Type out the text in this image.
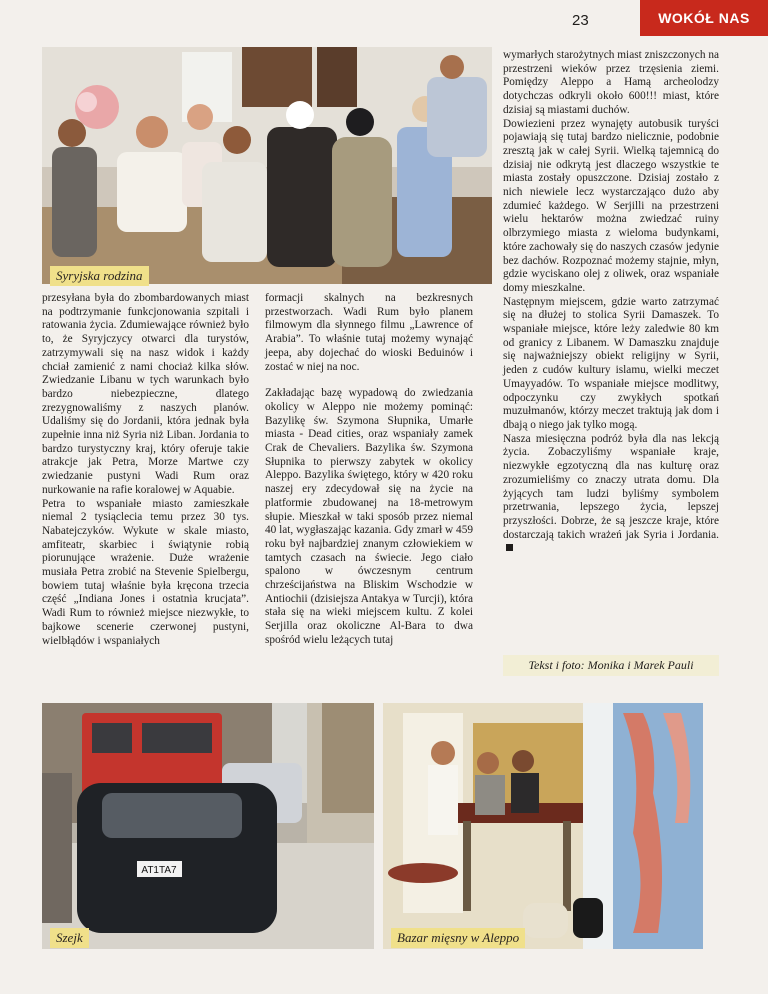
23	WOKÓŁ NAS
Syryjska rodzina

przesyłana była do zbombardowanych miast na podtrzymanie funkcjonowania szpitali i ratowania życia. Zdumiewające również było to, że Syryjczycy otwarci dla turystów, zatrzymywali się na nasz widok i każdy chciał zamienić z nami chociaż kilka słów. Zwiedzanie Libanu w tych warunkach było bardzo niebezpieczne, dlatego zrezygnowaliśmy z naszych planów. Udaliśmy się do Jordanii, która jednak była zupełnie inna niż Syria niż Liban. Jordania to bardzo turystyczny kraj, który oferuje takie atrakcje jak Petra, Morze Martwe czy zwiedzanie pustyni Wadi Rum oraz nurkowanie na rafie koralowej w Aquabie.

Petra to wspaniałe miasto zamieszkałe niemal 2 tysiąclecia temu przez 30 tys. Nabatejczyków. Wykute w skale miasto, amfiteatr, skarbiec i świątynie robią piorunujące wrażenie. Duże wrażenie musiała Petra zrobić na Stevenie Spielbergu, bowiem tutaj właśnie była kręcona trzecia część „Indiana Jones i ostatnia krucjata”. Wadi Rum to również miejsce niezwykłe, to bajkowe scenerie czerwonej pustyni, wielbłądów i wspaniałych

formacji skalnych na bezkresnych przestworzach. Wadi Rum było planem filmowym dla słynnego filmu „Lawrence of Arabia”. To właśnie tutaj możemy wynająć jeepa, aby dojechać do wioski Beduinów i zostać w niej na noc.

Zakładając bazę wypadową do zwiedzania okolicy w Aleppo nie możemy pominąć: Bazylikę św. Szymona Słupnika, Umarłe miasta - Dead cities, oraz wspaniały zamek Crak de Chevaliers. Bazylika św. Szymona Słupnika to pierwszy zabytek w okolicy Aleppo. Bazylika świętego, który w 420 roku naszej ery zdecydował się na życie na platformie zbudowanej na 18-metrowym słupie. Mieszkał w taki sposób przez niemal 40 lat, wygłaszając kazania. Gdy zmarł w 459 roku był najbardziej znanym człowiekiem w tamtych czasach na świecie. Jego ciało spalono w ówczesnym centrum chrześcijaństwa na Bliskim Wschodzie w Antiochii (dzisiejsza Antakya w Turcji), która stała się na wieki miejscem kultu. Z kolei Serjilla oraz okoliczne Al-Bara to dwa spośród wielu leżących tutaj

wymarłych starożytnych miast zniszczonych na przestrzeni wieków przez trzęsienia ziemi. Pomiędzy Aleppo a Hamą archeolodzy dotychczas odkryli około 600!!! miast, które dzisiaj są miastami duchów.

Dowiezieni przez wynajęty autobusik turyści pojawiają się tutaj bardzo nielicznie, podobnie zresztą jak w całej Syrii. Wielką tajemnicą do dzisiaj nie odkrytą jest dlaczego wszystkie te miasta zostały opuszczone. Dzisiaj zostało z nich niewiele lecz wystarczająco dużo aby zdumieć każdego. W Serjilli na przestrzeni wielu hektarów można zwiedzać ruiny olbrzymiego miasta z wieloma budynkami, które zachowały się do naszych czasów jedynie bez dachów. Rozpoznać możemy stajnie, młyn, gdzie wyciskano olej z oliwek, oraz wspaniałe domy mieszkalne.

Następnym miejscem, gdzie warto zatrzymać się na dłużej to stolica Syrii Damaszek. To wspaniałe miejsce, które leży zaledwie 80 km od granicy z Libanem. W Damaszku znajduje się najważniejszy obiekt religijny w Syrii, jeden z cudów kultury islamu, wielki meczet Umayyadów. To wspaniałe miejsce modlitwy, odpoczynku czy zwykłych spotkań muzułmanów, którzy meczet traktują jak dom i dbają o niego jak tylko mogą.

Nasza miesięczna podróż była dla nas lekcją życia. Zobaczyliśmy wspaniałe kraje, niezwykłe egzotyczną dla nas kulturę oraz zrozumieliśmy co znaczy utrata domu. Dla żyjących tam ludzi byliśmy symbolem przetrwania, lepszego życia, lepszej przyszłości. Dobrze, że są jeszcze kraje, które dostarczają takich wrażeń jak Syria i Jordania.

Tekst i foto: Monika i Marek Pauli
AT1TA7
Szejk	Bazar mięsny w Aleppo
